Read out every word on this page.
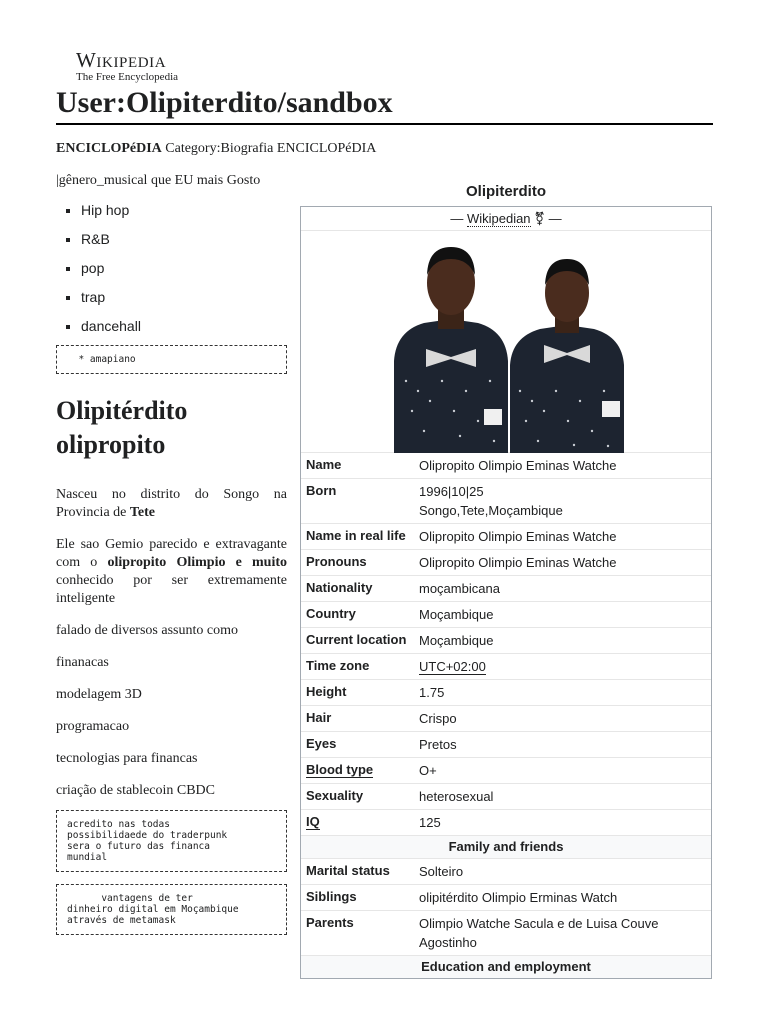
Wikipedia
The Free Encyclopedia
User:Olipiterdito/sandbox
ENCICLOPéDIA Category:Biografia ENCICLOPéDIA
|gênero_musical que EU mais Gosto
▪ Hip hop
▪ R&B
▪ pop
▪ trap
▪ dancehall
* amapiano
Olipitérdito
olipropito

Nasceu no distrito do Songo na Provincia de Tete

Ele sao Gemio parecido e extravagante com o olipropito Olimpio e muito conhecido por ser extremamente inteligente

falado de diversos assunto como

finanacas

modelagem 3D

programacao

tecnologias para financas

criação de stablecoin CBDC

acredito nas todas
possibilidaede do traderpunk
sera o futuro das financa
mundial
vantagens de ter
dinheiro digital em Moçambique
através de metamask
Olipiterdito
— Wikipedian ⚧ —
Name	Olipropito Olimpio Eminas Watche
Born	1996|10|25
Songo,Tete,Moçambique
Name in real life	Olipropito Olimpio Eminas Watche
Pronouns	Olipropito Olimpio Eminas Watche
Nationality	moçambicana
Country	Moçambique
Current location Moçambique
Time zone	UTC+02:00
Height	1.75
Hair	Crispo
Eyes	Pretos
Blood type	O+
Sexuality	heterosexual
IQ	125
Family and friends
Marital status	Solteiro
Siblings	olipitérdito Olimpio Erminas Watch
Parents	Olimpio Watche Sacula e de Luisa Couve
Agostinho
Education and employment
